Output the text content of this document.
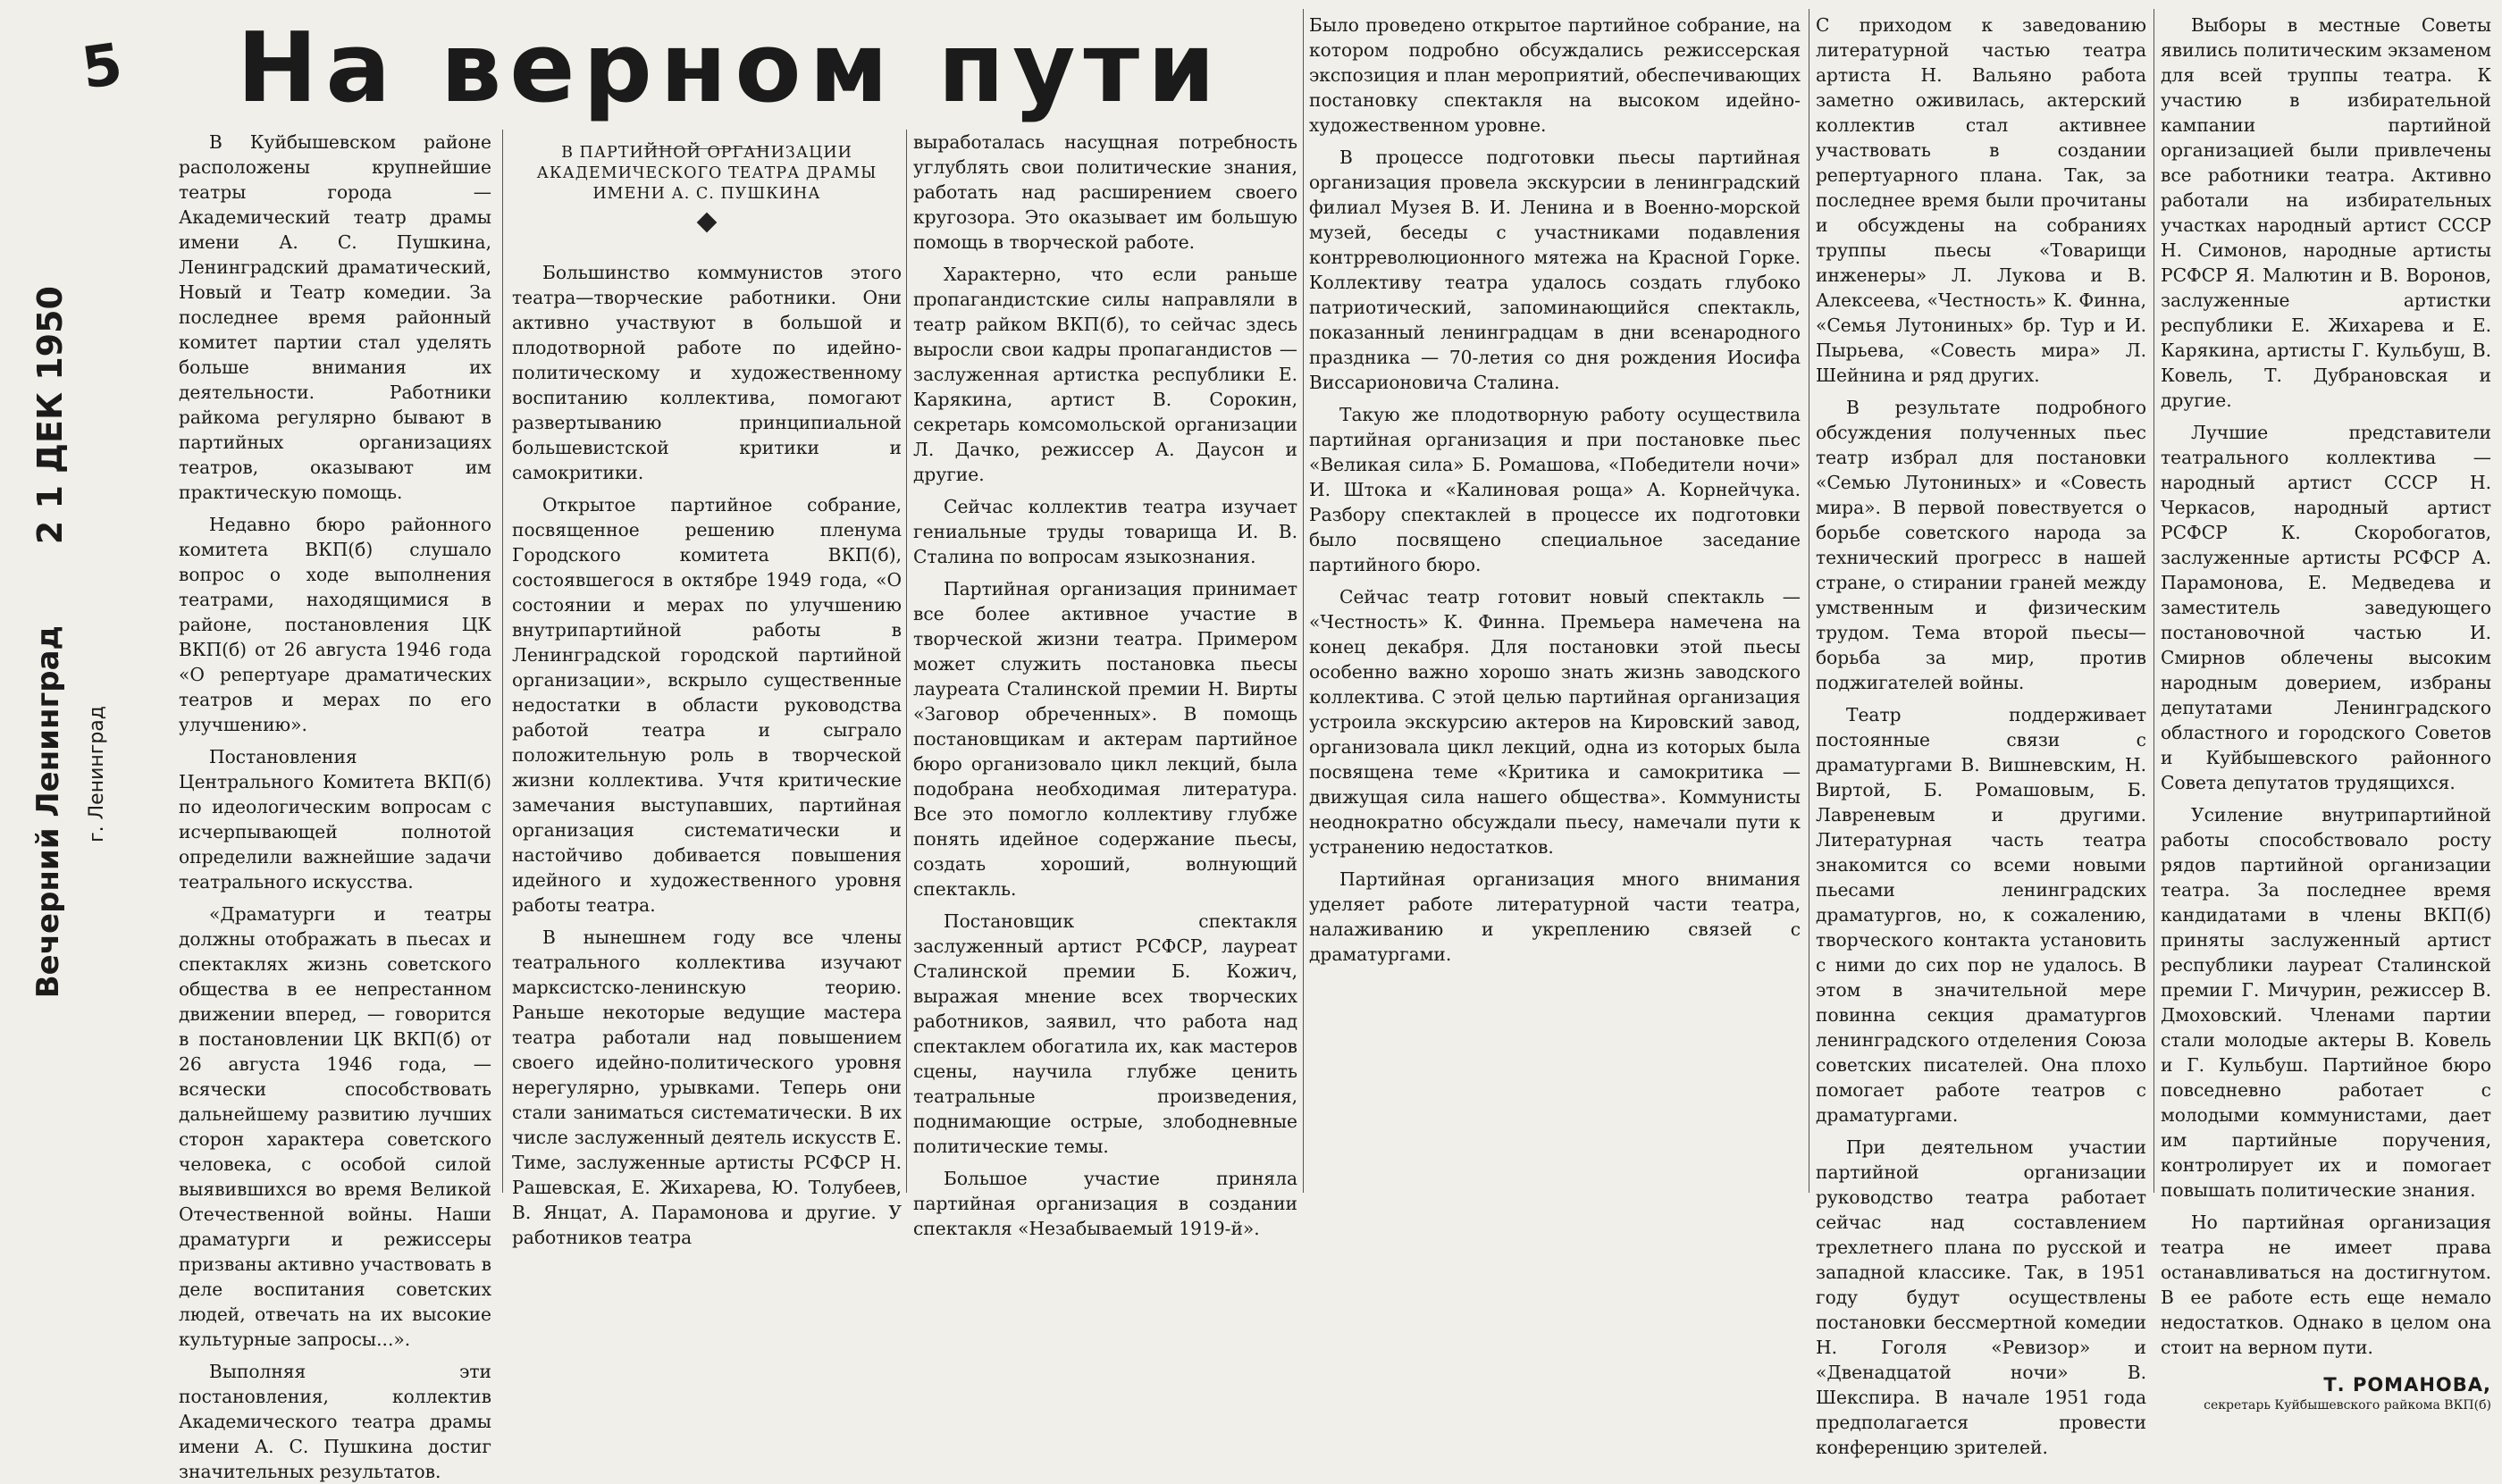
5
2 1 ДЕК 1950
Вечерний Ленинград г. Ленинград
На верном пути

В Куйбышевском районе расположены крупнейшие театры города — Академический театр драмы имени А. С. Пушкина, Ленинградский драматический, Новый и Театр комедии. За последнее время районный комитет партии стал уделять больше внимания их деятельности. Работники райкома регулярно бывают в партийных организациях театров, оказывают им практическую помощь.

Недавно бюро районного комитета ВКП(б) слушало вопрос о ходе выполнения театрами, находящимися в районе, постановления ЦК ВКП(б) от 26 августа 1946 года «О репертуаре драматических театров и мерах по его улучшению».

Постановления Центрального Комитета ВКП(б) по идеологическим вопросам с исчерпывающей полнотой определили важнейшие задачи театрального искусства.

«Драматурги и театры должны отображать в пьесах и спектаклях жизнь советского общества в ее непрестанном движении вперед, — говорится в постановлении ЦК ВКП(б) от 26 августа 1946 года, — всячески способствовать дальнейшему развитию лучших сторон характера советского человека, с особой силой выявившихся во время Великой Отечественной войны. Наши драматурги и режиссеры призваны активно участвовать в деле воспитания советских людей, отвечать на их высокие культурные запросы...».

Выполняя эти постановления, коллектив Академического театра драмы имени А. С. Пушкина достиг значительных результатов.

В ПАРТИЙНОЙ ОРГАНИЗАЦИИ
АКАДЕМИЧЕСКОГО ТЕАТРА ДРАМЫ
ИМЕНИ А. С. ПУШКИНА

Большинство коммунистов этого театра—творческие работники. Они активно участвуют в большой и плодотворной работе по идейно-политическому и художественному воспитанию коллектива, помогают развертыванию принципиальной большевистской критики и самокритики.

Открытое партийное собрание, посвященное решению пленума Городского комитета ВКП(б), состоявшегося в октябре 1949 года, «О состоянии и мерах по улучшению внутрипартийной работы в Ленинградской городской партийной организации», вскрыло существенные недостатки в области руководства работой театра и сыграло положительную роль в творческой жизни коллектива. Учтя критические замечания выступавших, партийная организация систематически и настойчиво добивается повышения идейного и художественного уровня работы театра.

В нынешнем году все члены театрального коллектива изучают марксистско-ленинскую теорию. Раньше некоторые ведущие мастера театра работали над повышением своего идейно-политического уровня нерегулярно, урывками. Теперь они стали заниматься систематически. В их числе заслуженный деятель искусств Е. Тиме, заслуженные артисты РСФСР Н. Рашевская, Е. Жихарева, Ю. Толубеев, В. Янцат, А. Парамонова и другие. У работников театра

выработалась насущная потребность углублять свои политические знания, работать над расширением своего кругозора. Это оказывает им большую помощь в творческой работе.

Характерно, что если раньше пропагандистские силы направляли в театр райком ВКП(б), то сейчас здесь выросли свои кадры пропагандистов — заслуженная артистка республики Е. Карякина, артист В. Сорокин, секретарь комсомольской организации Л. Дачко, режиссер А. Даусон и другие.

Сейчас коллектив театра изучает гениальные труды товарища И. В. Сталина по вопросам языкознания.

Партийная организация принимает все более активное участие в творческой жизни театра. Примером может служить постановка пьесы лауреата Сталинской премии Н. Вирты «Заговор обреченных». В помощь постановщикам и актерам партийное бюро организовало цикл лекций, была подобрана необходимая литература. Все это помогло коллективу глубже понять идейное содержание пьесы, создать хороший, волнующий спектакль.

Постановщик спектакля заслуженный артист РСФСР, лауреат Сталинской премии Б. Кожич, выражая мнение всех творческих работников, заявил, что работа над спектаклем обогатила их, как мастеров сцены, научила глубже ценить театральные произведения, поднимающие острые, злободневные политические темы.

Большое участие приняла партийная организация в создании спектакля «Незабываемый 1919-й».

Было проведено открытое партийное собрание, на котором подробно обсуждались режиссерская экспозиция и план мероприятий, обеспечивающих постановку спектакля на высоком идейно-художественном уровне.

В процессе подготовки пьесы партийная организация провела экскурсии в ленинградский филиал Музея В. И. Ленина и в Военно-морской музей, беседы с участниками подавления контрреволюционного мятежа на Красной Горке. Коллективу театра удалось создать глубоко патриотический, запоминающийся спектакль, показанный ленинградцам в дни всенародного праздника — 70-летия со дня рождения Иосифа Виссарионовича Сталина.

Такую же плодотворную работу осуществила партийная организация и при постановке пьес «Великая сила» Б. Ромашова, «Победители ночи» И. Штока и «Калиновая роща» А. Корнейчука. Разбору спектаклей в процессе их подготовки было посвящено специальное заседание партийного бюро.

Сейчас театр готовит новый спектакль — «Честность» К. Финна. Премьера намечена на конец декабря. Для постановки этой пьесы особенно важно хорошо знать жизнь заводского коллектива. С этой целью партийная организация устроила экскурсию актеров на Кировский завод, организовала цикл лекций, одна из которых была посвящена теме «Критика и самокритика — движущая сила нашего общества». Коммунисты неоднократно обсуждали пьесу, намечали пути к устранению недостатков.

Партийная организация много внимания уделяет работе литературной части театра, налаживанию и укреплению связей с драматургами.

С приходом к заведованию литературной частью театра артиста Н. Вальяно работа заметно оживилась, актерский коллектив стал активнее участвовать в создании репертуарного плана. Так, за последнее время были прочитаны и обсуждены на собраниях труппы пьесы «Товарищи инженеры» Л. Лукова и В. Алексеева, «Честность» К. Финна, «Семья Лутониных» бр. Тур и И. Пырьева, «Совесть мира» Л. Шейнина и ряд других.

В результате подробного обсуждения полученных пьес театр избрал для постановки «Семью Лутониных» и «Совесть мира». В первой повествуется о борьбе советского народа за технический прогресс в нашей стране, о стирании граней между умственным и физическим трудом. Тема второй пьесы—борьба за мир, против поджигателей войны.

Театр поддерживает постоянные связи с драматургами В. Вишневским, Н. Виртой, Б. Ромашовым, Б. Лавреневым и другими. Литературная часть театра знакомится со всеми новыми пьесами ленинградских драматургов, но, к сожалению, творческого контакта установить с ними до сих пор не удалось. В этом в значительной мере повинна секция драматургов ленинградского отделения Союза советских писателей. Она плохо помогает работе театров с драматургами.

При деятельном участии партийной организации руководство театра работает сейчас над составлением трехлетнего плана по русской и западной классике. Так, в 1951 году будут осуществлены постановки бессмертной комедии Н. Гоголя «Ревизор» и «Двенадцатой ночи» В. Шекспира. В начале 1951 года предполагается провести конференцию зрителей.

Выборы в местные Советы явились политическим экзаменом для всей труппы театра. К участию в избирательной кампании партийной организацией были привлечены все работники театра. Активно работали на избирательных участках народный артист СССР Н. Симонов, народные артисты РСФСР Я. Малютин и В. Воронов, заслуженные артистки республики Е. Жихарева и Е. Карякина, артисты Г. Кульбуш, В. Ковель, Т. Дубрановская и другие.

Лучшие представители театрального коллектива — народный артист СССР Н. Черкасов, народный артист РСФСР К. Скоробогатов, заслуженные артисты РСФСР А. Парамонова, Е. Медведева и заместитель заведующего постановочной частью И. Смирнов облечены высоким народным доверием, избраны депутатами Ленинградского областного и городского Советов и Куйбышевского районного Совета депутатов трудящихся.

Усиление внутрипартийной работы способствовало росту рядов партийной организации театра. За последнее время кандидатами в члены ВКП(б) приняты заслуженный артист республики лауреат Сталинской премии Г. Мичурин, режиссер В. Дмоховский. Членами партии стали молодые актеры В. Ковель и Г. Кульбуш. Партийное бюро повседневно работает с молодыми коммунистами, дает им партийные поручения, контролирует их и помогает повышать политические знания.

Но партийная организация театра не имеет права останавливаться на достигнутом. В ее работе есть еще немало недостатков. Однако в целом она стоит на верном пути.

Т. РОМАНОВА,
секретарь Куйбышевского райкома ВКП(б)
